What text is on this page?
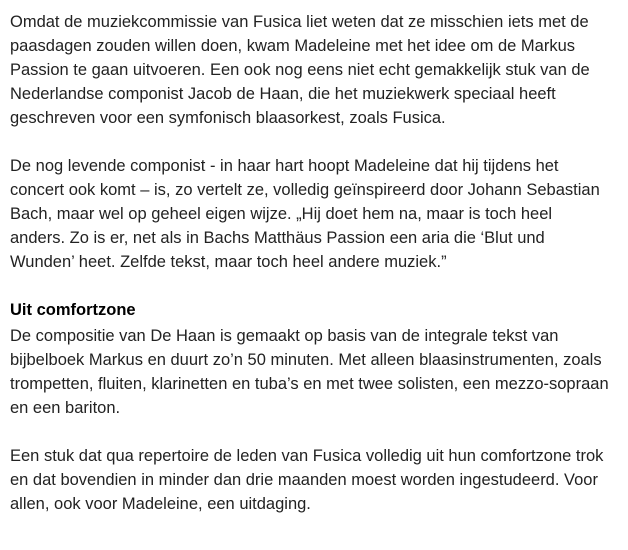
Omdat de muziekcommissie van Fusica liet weten dat ze misschien iets met de paasdagen zouden willen doen, kwam Madeleine met het idee om de Markus Passion te gaan uitvoeren. Een ook nog eens niet echt gemakkelijk stuk van de Nederlandse componist Jacob de Haan, die het muziekwerk speciaal heeft geschreven voor een symfonisch blaasorkest, zoals Fusica.

De nog levende componist - in haar hart hoopt Madeleine dat hij tijdens het concert ook komt – is, zo vertelt ze, volledig geïnspireerd door Johann Sebastian Bach, maar wel op geheel eigen wijze. „Hij doet hem na, maar is toch heel anders. Zo is er, net als in Bachs Matthäus Passion een aria die ‘Blut und Wunden’ heet. Zelfde tekst, maar toch heel andere muziek.”

Uit comfortzone

De compositie van De Haan is gemaakt op basis van de integrale tekst van bijbelboek Markus en duurt zo’n 50 minuten. Met alleen blaasinstrumenten, zoals trompetten, fluiten, klarinetten en tuba’s en met twee solisten, een mezzo-sopraan en een bariton.

Een stuk dat qua repertoire de leden van Fusica volledig uit hun comfortzone trok en dat bovendien in minder dan drie maanden moest worden ingestudeerd. Voor allen, ook voor Madeleine, een uitdaging.
